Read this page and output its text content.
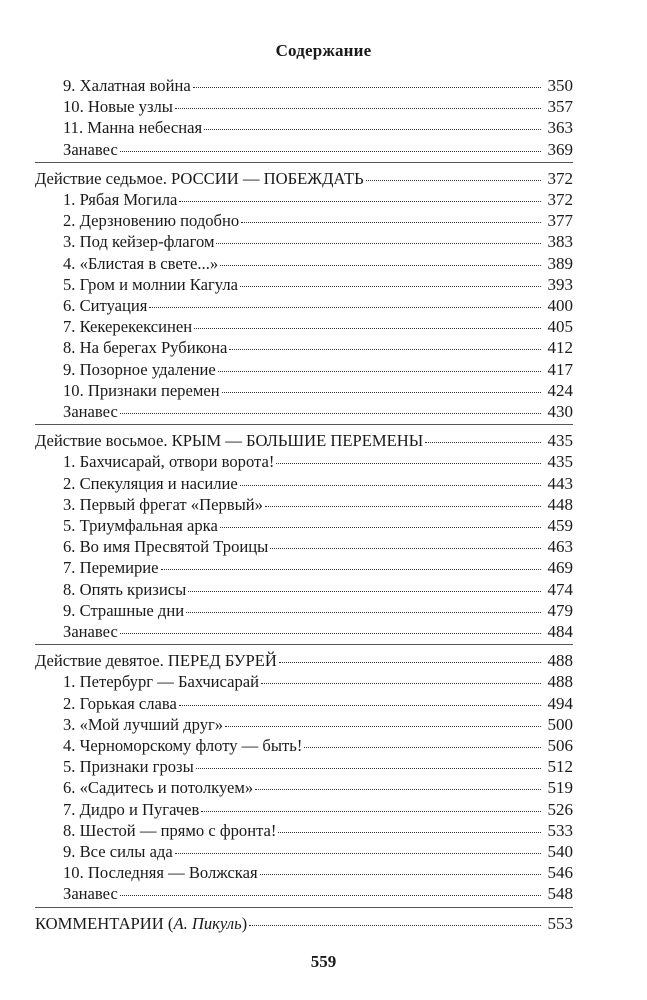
Содержание
9. Халатная война	350
10. Новые узлы	357
11. Манна небесная	363
Занавес	369
Действие седьмое. РОССИИ — ПОБЕЖДАТЬ	372
1. Рябая Могила	372
2. Дерзновению подобно	377
3. Под кейзер-флагом	383
4. «Блистая в свете...»	389
5. Гром и молнии Кагула	393
6. Ситуация	400
7. Кекерекексинен	405
8. На берегах Рубикона	412
9. Позорное удаление	417
10. Признаки перемен	424
Занавес	430
Действие восьмое. КРЫМ — БОЛЬШИЕ ПЕРЕМЕНЫ	435
1. Бахчисарай, отвори ворота!	435
2. Спекуляция и насилие	443
3. Первый фрегат «Первый»	448
5. Триумфальная арка	459
6. Во имя Пресвятой Троицы	463
7. Перемирие	469
8. Опять кризисы	474
9. Страшные дни	479
Занавес	484
Действие девятое. ПЕРЕД БУРЕЙ	488
1. Петербург — Бахчисарай	488
2. Горькая слава	494
3. «Мой лучший друг»	500
4. Черноморскому флоту — быть!	506
5. Признаки грозы	512
6. «Садитесь и потолкуем»	519
7. Дидро и Пугачев	526
8. Шестой — прямо с фронта!	533
9. Все силы ада	540
10. Последняя — Волжская	546
Занавес	548
КОММЕНТАРИИ (А. Пикуль)	553
559
